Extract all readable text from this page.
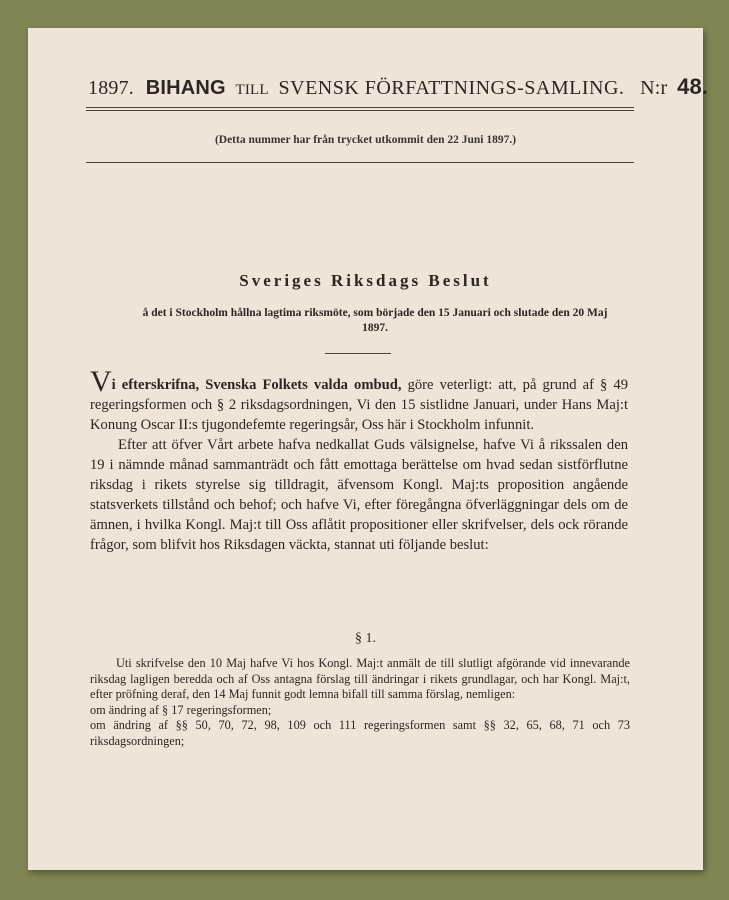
1897. BIHANG TILL SVENSK FÖRFATTNINGS-SAMLING. N:r 48.
(Detta nummer har från trycket utkommit den 22 Juni 1897.)
Sveriges Riksdags Beslut
å det i Stockholm hållna lagtima riksmöte, som började den 15 Januari och slutade den 20 Maj 1897.

Vi efterskrifna, Svenska Folkets valda ombud, göre veterligt: att, på grund af § 49 regeringsformen och § 2 riksdagsordningen, Vi den 15 sistlidne Januari, under Hans Maj:t Konung Oscar II:s tjugondefemte regeringsår, Oss här i Stockholm infunnit.

Efter att öfver Vårt arbete hafva nedkallat Guds välsignelse, hafve Vi å rikssalen den 19 i nämnde månad sammanträdt och fått emottaga berättelse om hvad sedan sistförflutne riksdag i rikets styrelse sig tilldragit, äfvensom Kongl. Maj:ts proposition angående statsverkets tillstånd och behof; och hafve Vi, efter föregångna öfverläggningar dels om de ämnen, i hvilka Kongl. Maj:t till Oss aflåtit propositioner eller skrifvelser, dels ock rörande frågor, som blifvit hos Riksdagen väckta, stannat uti följande beslut:

§ 1.

Uti skrifvelse den 10 Maj hafve Vi hos Kongl. Maj:t anmält de till slutligt afgörande vid innevarande riksdag lagligen beredda och af Oss antagna förslag till ändringar i rikets grundlagar, och har Kongl. Maj:t, efter pröfning deraf, den 14 Maj funnit godt lemna bifall till samma förslag, nemligen:

om ändring af § 17 regeringsformen;

om ändring af §§ 50, 70, 72, 98, 109 och 111 regeringsformen samt §§ 32, 65, 68, 71 och 73 riksdagsordningen;
